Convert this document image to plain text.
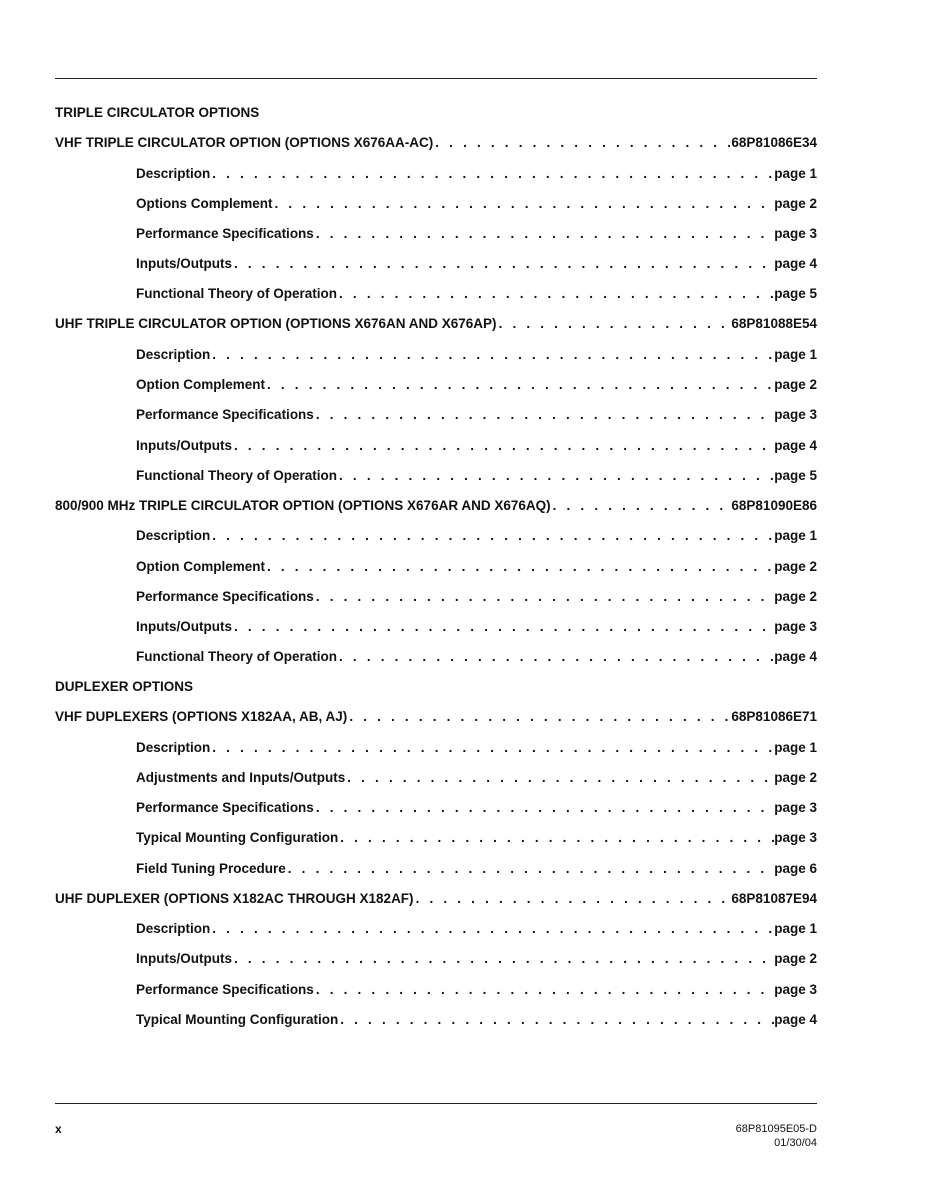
TRIPLE CIRCULATOR OPTIONS
VHF TRIPLE CIRCULATOR OPTION (OPTIONS X676AA-AC) . . .	68P81086E34
Description . . .	page 1
Options Complement . . .	page 2
Performance Specifications . . .	page 3
Inputs/Outputs . . .	page 4
Functional Theory of Operation . . .	page 5
UHF TRIPLE CIRCULATOR OPTION (OPTIONS X676AN AND X676AP) . . .	68P81088E54
Description . . .	page 1
Option Complement . . .	page 2
Performance Specifications . . .	page 3
Inputs/Outputs . . .	page 4
Functional Theory of Operation . . .	page 5
800/900 MHz TRIPLE CIRCULATOR OPTION (OPTIONS X676AR AND X676AQ) . . .	68P81090E86
Description . . .	page 1
Option Complement . . .	page 2
Performance Specifications . . .	page 2
Inputs/Outputs . . .	page 3
Functional Theory of Operation . . .	page 4
DUPLEXER OPTIONS
VHF DUPLEXERS (OPTIONS X182AA, AB, AJ) . . .	68P81086E71
Description . . .	page 1
Adjustments and Inputs/Outputs . . .	page 2
Performance Specifications . . .	page 3
Typical Mounting Configuration . . .	page 3
Field Tuning Procedure . . .	page 6
UHF DUPLEXER (OPTIONS X182AC THROUGH X182AF) . . .	68P81087E94
Description . . .	page 1
Inputs/Outputs . . .	page 2
Performance Specifications . . .	page 3
Typical Mounting Configuration . . .	page 4
x	68P81095E05-D
01/30/04
